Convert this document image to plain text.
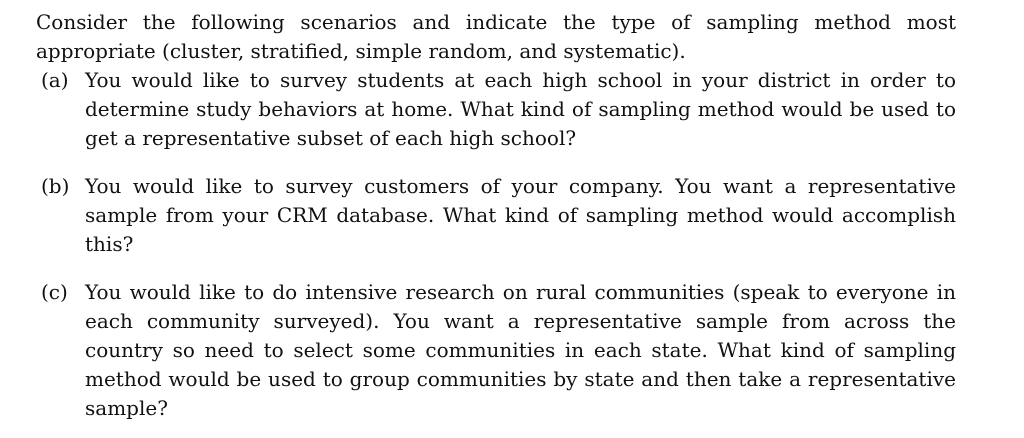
Consider the following scenarios and indicate the type of sampling method most appropriate (cluster, stratified, simple random, and systematic).

(a) You would like to survey students at each high school in your district in order to determine study behaviors at home. What kind of sampling method would be used to get a representative subset of each high school?
(b) You would like to survey customers of your company. You want a representative sample from your CRM database. What kind of sampling method would accomplish this?
(c) You would like to do intensive research on rural communities (speak to everyone in each community surveyed). You want a representative sample from across the country so need to select some communities in each state. What kind of sampling method would be used to group communities by state and then take a representative sample?
